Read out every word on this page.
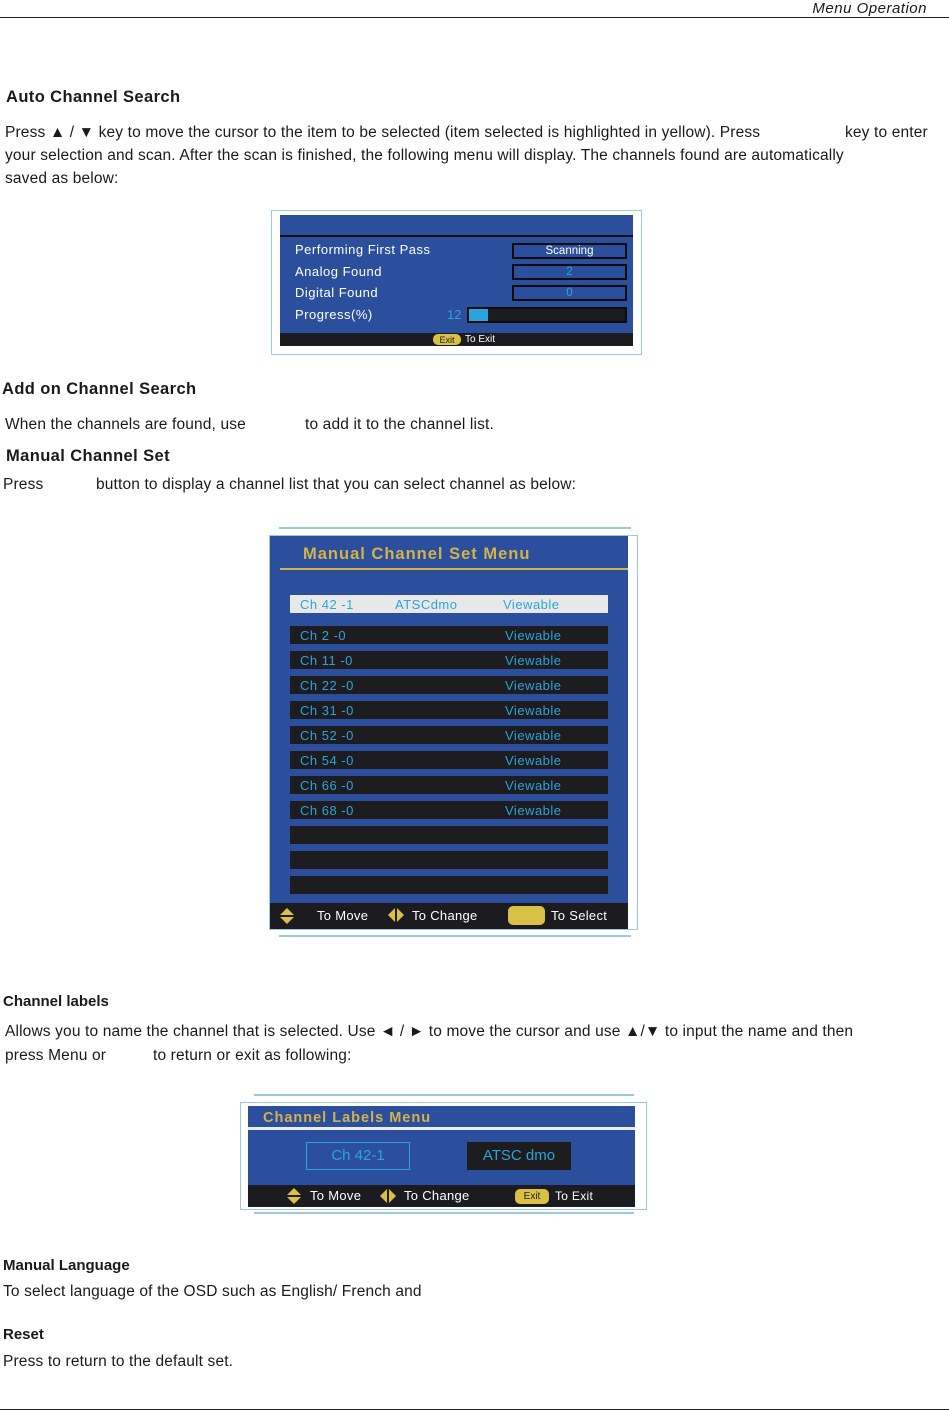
Menu Operation
Auto Channel Search
Press ▲ / ▼ key to move the cursor to the item to be selected (item selected is highlighted in yellow). Press	key to enter
your selection and scan. After the scan is finished, the following menu will display. The channels found are automatically
saved as below:
Performing First Pass	Scanning
Analog Found	2
Digital Found	0
Progress(%)	12
Exit	To Exit
Add on Channel Search
When the channels are found, use	to add it to the channel list.
Manual Channel Set
Press	button to display a channel list that you can select channel as below:
Manual Channel Set Menu
Ch 42 -1	ATSCdmo	Viewable
Ch 2 -0	Viewable
Ch 11 -0	Viewable
Ch 22 -0	Viewable
Ch 31 -0	Viewable
Ch 52 -0	Viewable
Ch 54 -0	Viewable
Ch 66 -0	Viewable
Ch 68 -0	Viewable
To Move	To Change	To Select
Channel labels
Allows you to name the channel that is selected. Use ◄ / ► to move the cursor and use ▲/▼ to input the name and then
press Menu or	to return or exit as following:
Channel Labels Menu
Ch 42-1	ATSC dmo
To Move	To Change	Exit	To Exit
Manual Language
To select language of the OSD such as English/ French and
Reset
Press to return to the default set.
